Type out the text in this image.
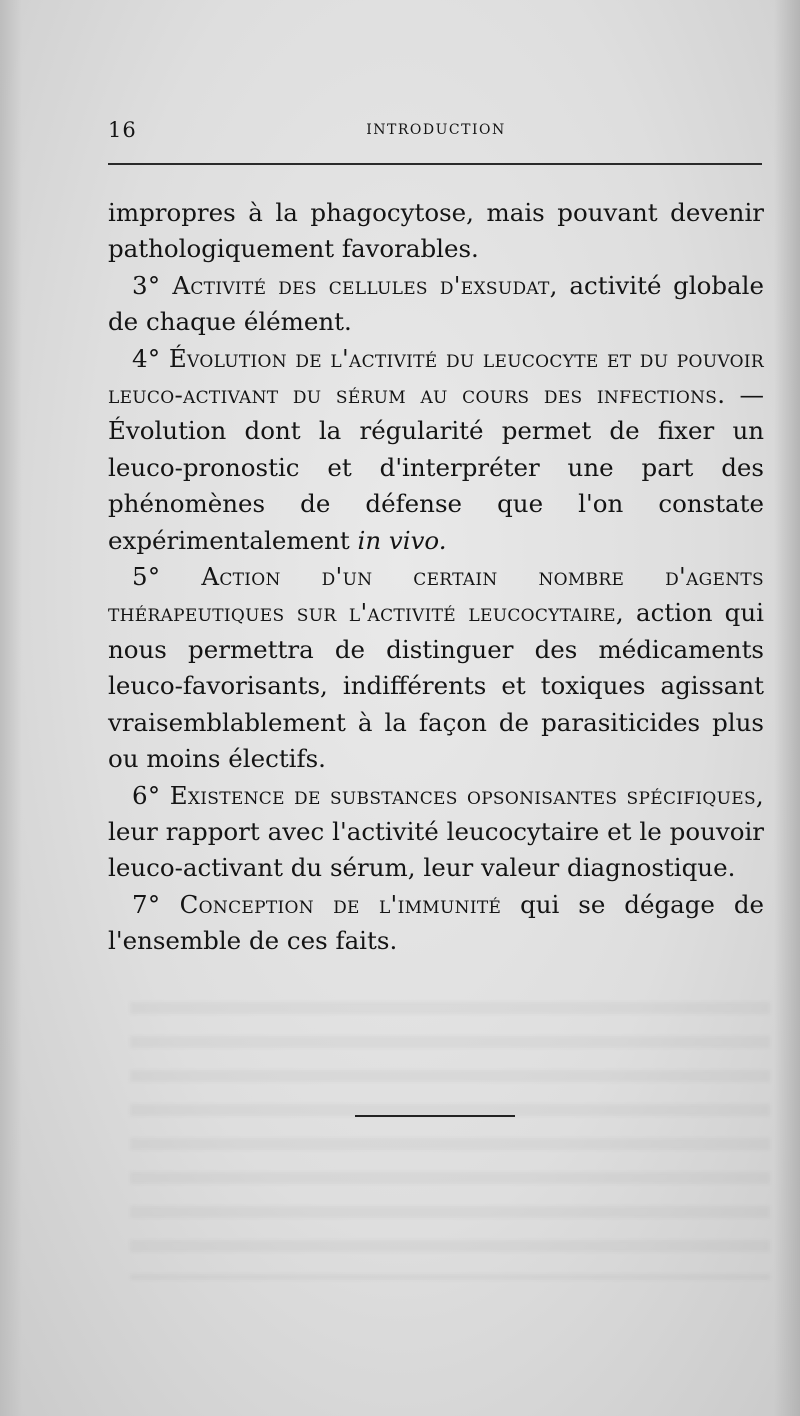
16	INTRODUCTION

impropres à la phagocytose, mais pouvant devenir pathologiquement favorables.

3° Activité des cellules d'exsudat, activité globale de chaque élément.

4° Évolution de l'activité du leucocyte et du pouvoir leuco-activant du sérum au cours des infections. — Évolution dont la régularité permet de fixer un leuco-pronostic et d'interpréter une part des phénomènes de défense que l'on constate expérimentalement in vivo.

5° Action d'un certain nombre d'agents thérapeutiques sur l'activité leucocytaire, action qui nous permettra de distinguer des médicaments leuco-favorisants, indifférents et toxiques agissant vraisemblablement à la façon de parasiticides plus ou moins électifs.

6° Existence de substances opsonisantes spécifiques, leur rapport avec l'activité leucocytaire et le pouvoir leuco-activant du sérum, leur valeur diagnostique.

7° Conception de l'immunité qui se dégage de l'ensemble de ces faits.
